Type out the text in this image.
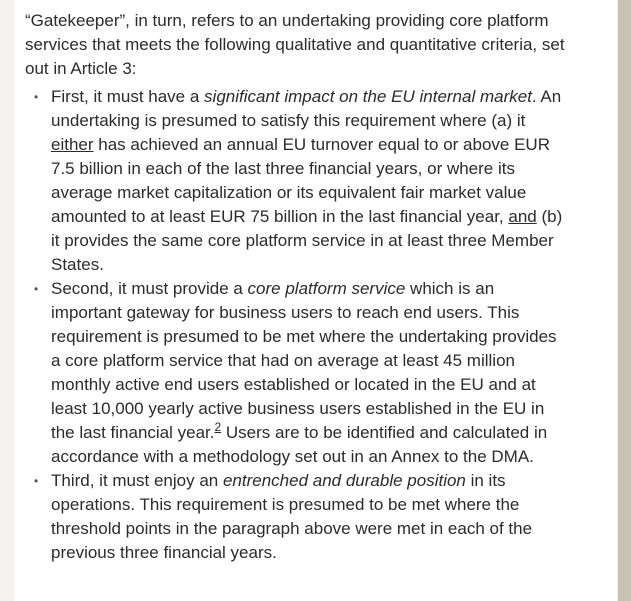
“Gatekeeper”, in turn, refers to an undertaking providing core platform services that meets the following qualitative and quantitative criteria, set out in Article 3:

• First, it must have a significant impact on the EU internal market. An undertaking is presumed to satisfy this requirement where (a) it either has achieved an annual EU turnover equal to or above EUR 7.5 billion in each of the last three financial years, or where its average market capitalization or its equivalent fair market value amounted to at least EUR 75 billion in the last financial year, and (b) it provides the same core platform service in at least three Member States.
• Second, it must provide a core platform service which is an important gateway for business users to reach end users. This requirement is presumed to be met where the undertaking provides a core platform service that had on average at least 45 million monthly active end users established or located in the EU and at least 10,000 yearly active business users established in the EU in the last financial year.$^2$ Users are to be identified and calculated in accordance with a methodology set out in an Annex to the DMA.
• Third, it must enjoy an entrenched and durable position in its operations. This requirement is presumed to be met where the threshold points in the paragraph above were met in each of the previous three financial years.
